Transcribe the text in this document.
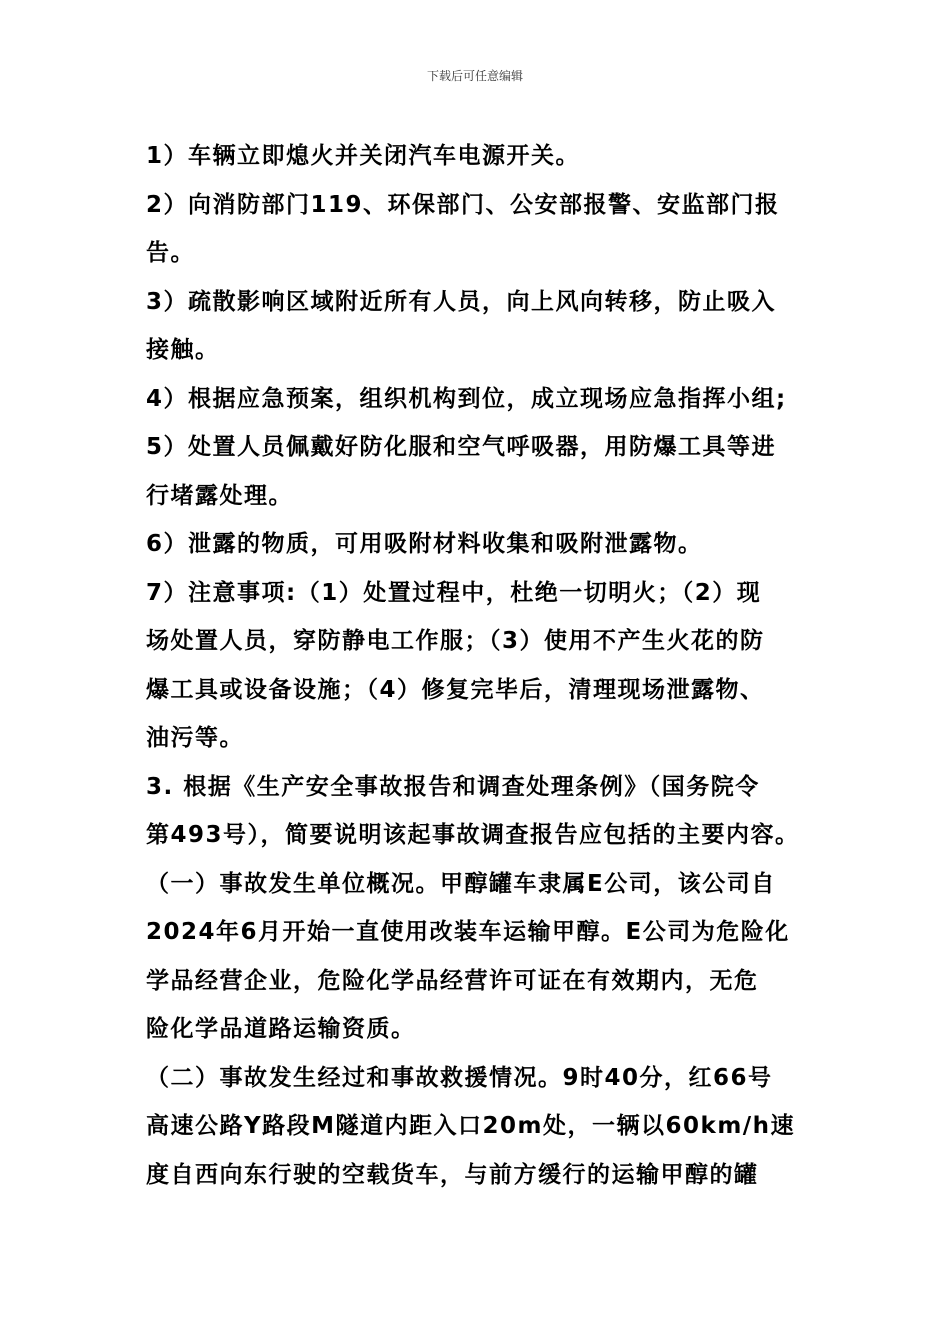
下载后可任意编辑
1）车辆立即熄火并关闭汽车电源开关。
2）向消防部门119、环保部门、公安部报警、安监部门报
告。
3）疏散影响区域附近所有人员，向上风向转移，防止吸入
接触。
4）根据应急预案，组织机构到位，成立现场应急指挥小组;
5）处置人员佩戴好防化服和空气呼吸器，用防爆工具等进
行堵露处理。
6）泄露的物质，可用吸附材料收集和吸附泄露物。
7）注意事项:（1）处置过程中，杜绝一切明火；（2）现
场处置人员，穿防静电工作服；（3）使用不产生火花的防
爆工具或设备设施；（4）修复完毕后，清理现场泄露物、
油污等。
3. 根据《生产安全事故报告和调查处理条例》（国务院令
第493号），简要说明该起事故调查报告应包括的主要内容。
（一）事故发生单位概况。甲醇罐车隶属E公司，该公司自
2024年6月开始一直使用改装车运输甲醇。E公司为危险化
学品经营企业，危险化学品经营许可证在有效期内，无危
险化学品道路运输资质。
（二）事故发生经过和事故救援情况。9时40分，红66号
高速公路Y路段M隧道内距入口20m处，一辆以60km/h速
度自西向东行驶的空载货车，与前方缓行的运输甲醇的罐
